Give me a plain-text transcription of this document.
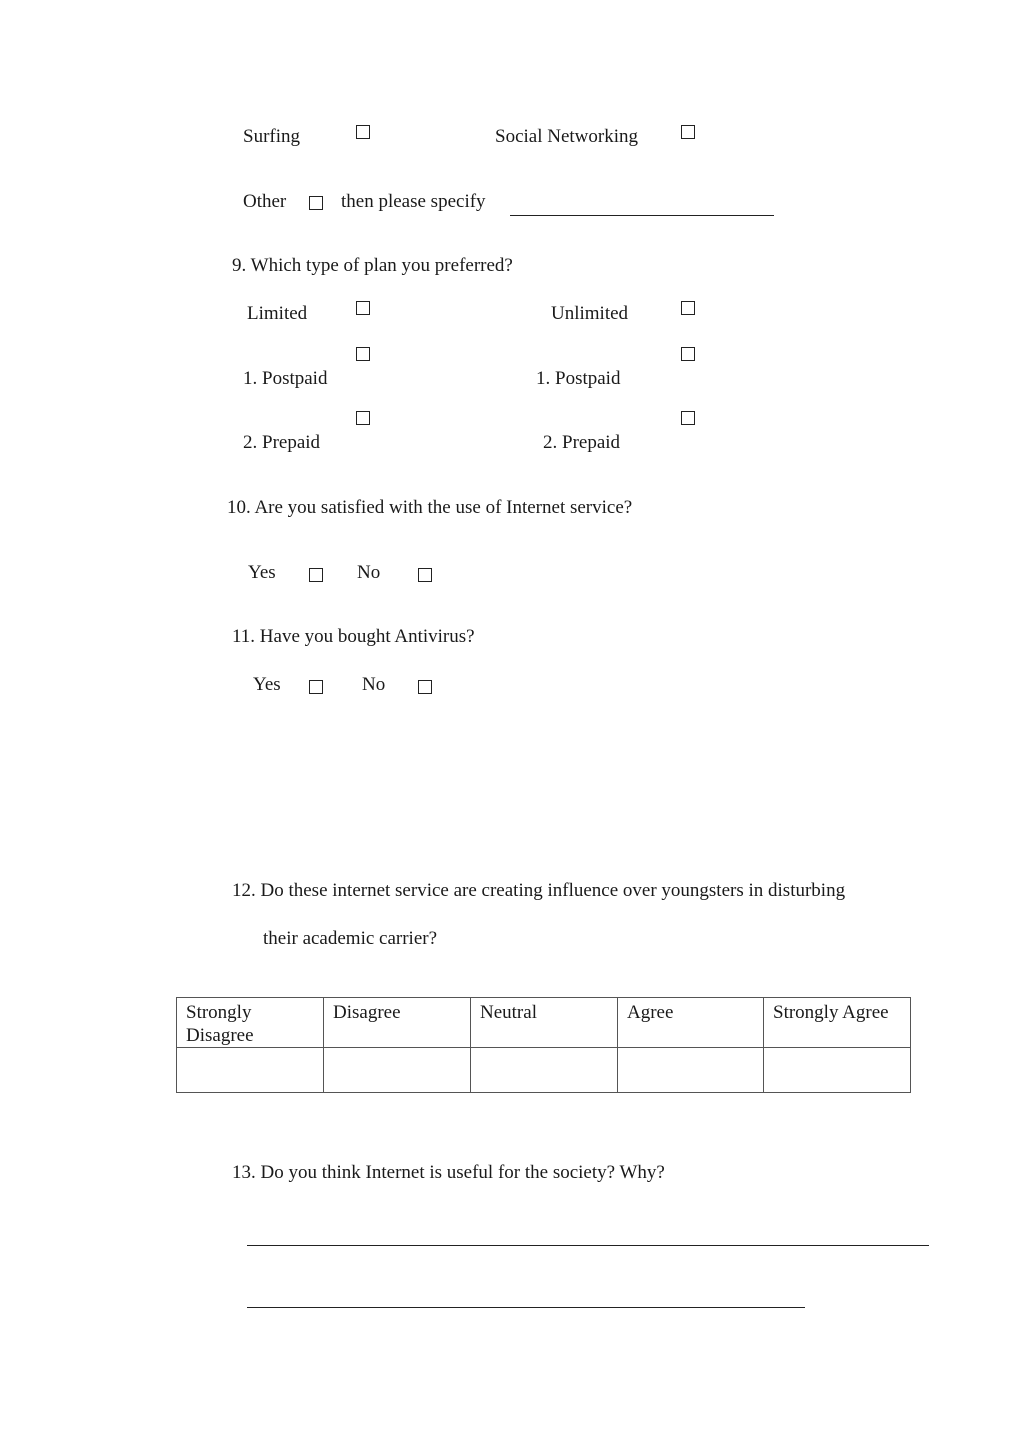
Surfing	Social Networking
Other	then please specify
9. Which type of plan you preferred?
Limited	Unlimited
1. Postpaid	1. Postpaid
2. Prepaid	2. Prepaid
10. Are you satisfied with the use of Internet service?
Yes	No
11. Have you bought Antivirus?
Yes	No
12. Do these internet service are creating influence over youngsters in disturbing
their academic carrier?
Strongly Disagree	Disagree	Neutral	Agree	Strongly Agree

13. Do you think Internet is useful for the society? Why?
